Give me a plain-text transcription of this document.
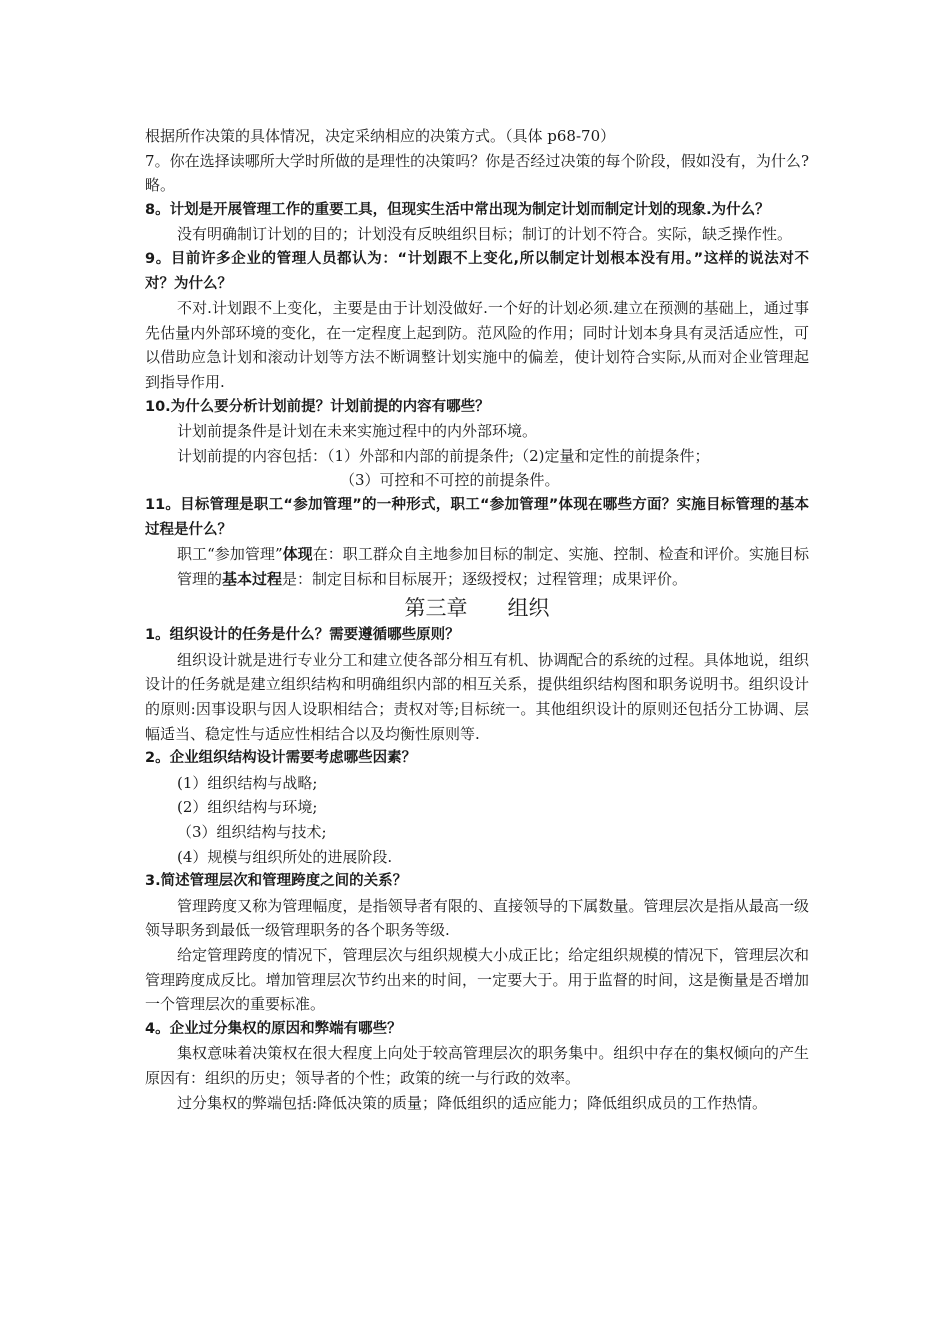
根据所作决策的具体情况，决定采纳相应的决策方式。（具体 p68-70）

7。你在选择读哪所大学时所做的是理性的决策吗？你是否经过决策的每个阶段，假如没有，为什么?略。

8。计划是开展管理工作的重要工具，但现实生活中常出现为制定计划而制定计划的现象.为什么？

没有明确制订计划的目的；计划没有反映组织目标；制订的计划不符合。实际，缺乏操作性。

9。目前许多企业的管理人员都认为：“计划跟不上变化,所以制定计划根本没有用。”这样的说法对不对？为什么？

不对.计划跟不上变化，主要是由于计划没做好.一个好的计划必须.建立在预测的基础上，通过事先估量内外部环境的变化，在一定程度上起到防。范风险的作用；同时计划本身具有灵活适应性，可以借助应急计划和滚动计划等方法不断调整计划实施中的偏差，使计划符合实际,从而对企业管理起到指导作用.

10.为什么要分析计划前提？计划前提的内容有哪些？

计划前提条件是计划在未来实施过程中的内外部环境。

计划前提的内容包括：（1）外部和内部的前提条件;（2)定量和定性的前提条件；

（3）可控和不可控的前提条件。

11。目标管理是职工“参加管理”的一种形式，职工“参加管理”体现在哪些方面？实施目标管理的基本过程是什么？

职工“参加管理”体现在：职工群众自主地参加目标的制定、实施、控制、检查和评价。实施目标管理的基本过程是：制定目标和目标展开；逐级授权；过程管理；成果评价。

第三章      组织

1。组织设计的任务是什么？需要遵循哪些原则？

组织设计就是进行专业分工和建立使各部分相互有机、协调配合的系统的过程。具体地说，组织设计的任务就是建立组织结构和明确组织内部的相互关系，提供组织结构图和职务说明书。组织设计的原则:因事设职与因人设职相结合；责权对等;目标统一。其他组织设计的原则还包括分工协调、层幅适当、稳定性与适应性相结合以及均衡性原则等.

2。企业组织结构设计需要考虑哪些因素？

(1）组织结构与战略;

(2）组织结构与环境;

（3）组织结构与技术;

(4）规模与组织所处的进展阶段.

3.简述管理层次和管理跨度之间的关系？

管理跨度又称为管理幅度，是指领导者有限的、直接领导的下属数量。管理层次是指从最高一级领导职务到最低一级管理职务的各个职务等级.

给定管理跨度的情况下，管理层次与组织规模大小成正比；给定组织规模的情况下，管理层次和管理跨度成反比。增加管理层次节约出来的时间，一定要大于。用于监督的时间，这是衡量是否增加一个管理层次的重要标准。

4。企业过分集权的原因和弊端有哪些？

集权意味着决策权在很大程度上向处于较高管理层次的职务集中。组织中存在的集权倾向的产生原因有：组织的历史；领导者的个性；政策的统一与行政的效率。

过分集权的弊端包括:降低决策的质量；降低组织的适应能力；降低组织成员的工作热情。
